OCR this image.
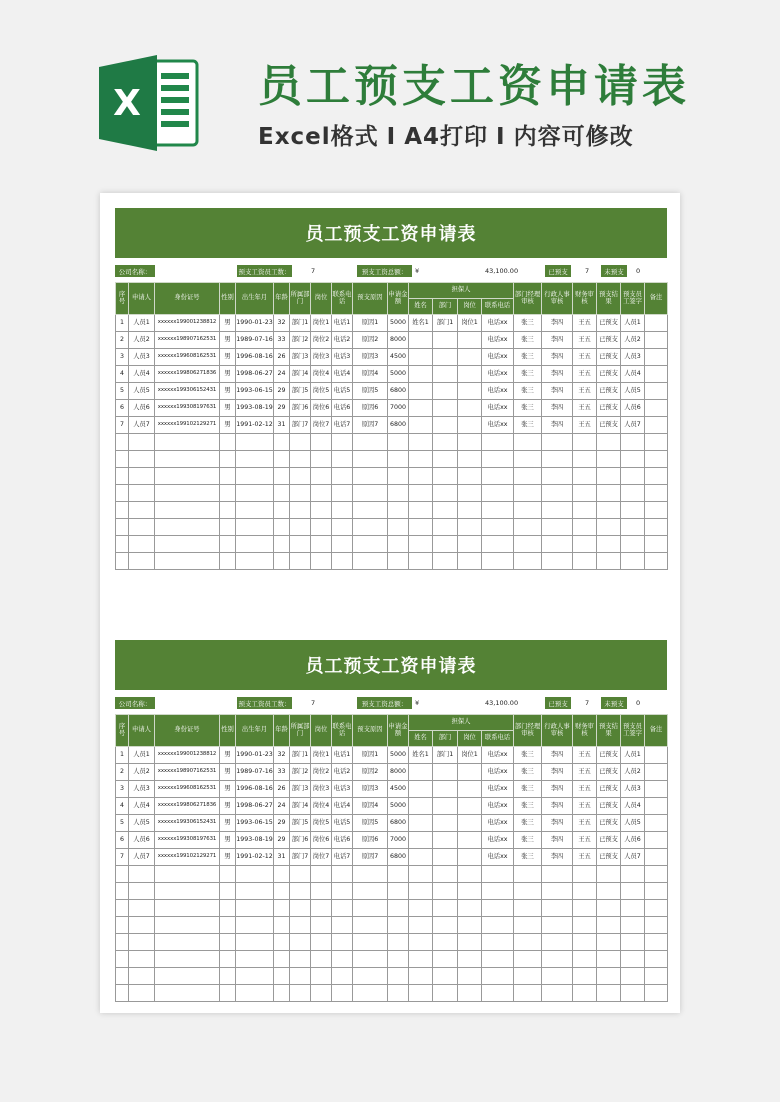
X	员工预支工资申请表
Excel格式 I A4打印 I 内容可修改
员工预支工资申请表
公司名称：	预支工资员工数：	7	预支工资总额：	¥	43,100.00	已预支	7	未预支	0
序号	申请人	身份证号	性别	出生年月	年龄	所属部门	岗位	联系电话	预支原因	申请金额	担保人				部门经理审核	行政人事审核	财务审核	预支结果	预支员工签字	备注
											姓名	部门	岗位	联系电话						
1	人员1	xxxxxx199001238812	男	1990-01-23	32	部门1	岗位1	电话1	原因1	5000	姓名1	部门1	岗位1	电话xx	张三	李四	王五	已预支	人员1	
2	人员2	xxxxxx198907162531	男	1989-07-16	33	部门2	岗位2	电话2	原因2	8000				电话xx	张三	李四	王五	已预支	人员2	
3	人员3	xxxxxx199608162531	男	1996-08-16	26	部门3	岗位3	电话3	原因3	4500				电话xx	张三	李四	王五	已预支	人员3	
4	人员4	xxxxxx199806271836	男	1998-06-27	24	部门4	岗位4	电话4	原因4	5000				电话xx	张三	李四	王五	已预支	人员4	
5	人员5	xxxxxx199306152431	男	1993-06-15	29	部门5	岗位5	电话5	原因5	6800				电话xx	张三	李四	王五	已预支	人员5	
6	人员6	xxxxxx199308197631	男	1993-08-19	29	部门6	岗位6	电话6	原因6	7000				电话xx	张三	李四	王五	已预支	人员6	
7	人员7	xxxxxx199102129271	男	1991-02-12	31	部门7	岗位7	电话7	原因7	6800				电话xx	张三	李四	王五	已预支	人员7	

员工预支工资申请表
公司名称：	预支工资员工数：	7	预支工资总额：	¥	43,100.00	已预支	7	未预支	0
序号	申请人	身份证号	性别	出生年月	年龄	所属部门	岗位	联系电话	预支原因	申请金额	担保人				部门经理审核	行政人事审核	财务审核	预支结果	预支员工签字	备注
											姓名	部门	岗位	联系电话						
1	人员1	xxxxxx199001238812	男	1990-01-23	32	部门1	岗位1	电话1	原因1	5000	姓名1	部门1	岗位1	电话xx	张三	李四	王五	已预支	人员1	
2	人员2	xxxxxx198907162531	男	1989-07-16	33	部门2	岗位2	电话2	原因2	8000				电话xx	张三	李四	王五	已预支	人员2	
3	人员3	xxxxxx199608162531	男	1996-08-16	26	部门3	岗位3	电话3	原因3	4500				电话xx	张三	李四	王五	已预支	人员3	
4	人员4	xxxxxx199806271836	男	1998-06-27	24	部门4	岗位4	电话4	原因4	5000				电话xx	张三	李四	王五	已预支	人员4	
5	人员5	xxxxxx199306152431	男	1993-06-15	29	部门5	岗位5	电话5	原因5	6800				电话xx	张三	李四	王五	已预支	人员5	
6	人员6	xxxxxx199308197631	男	1993-08-19	29	部门6	岗位6	电话6	原因6	7000				电话xx	张三	李四	王五	已预支	人员6	
7	人员7	xxxxxx199102129271	男	1991-02-12	31	部门7	岗位7	电话7	原因7	6800				电话xx	张三	李四	王五	已预支	人员7	
